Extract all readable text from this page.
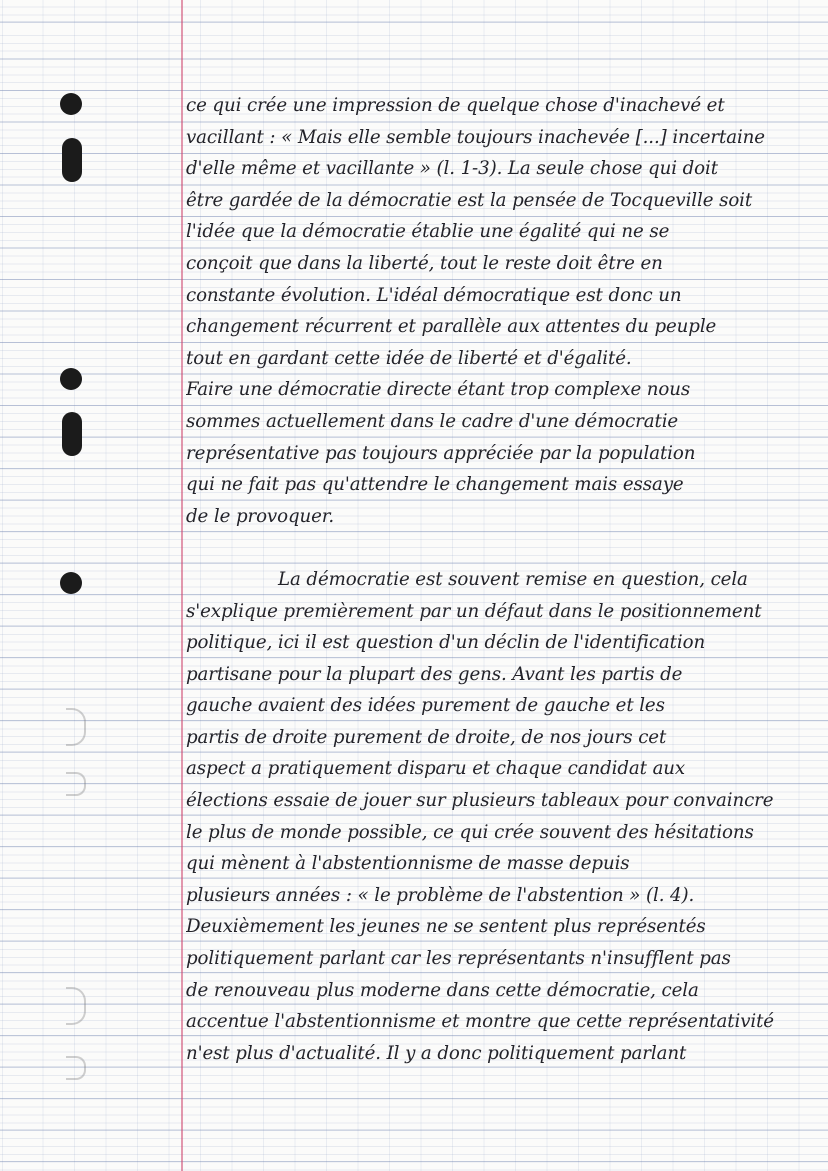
ce qui crée une impression de quelque chose d'inachevé et
vacillant : « Mais elle semble toujours inachevée [...] incertaine
d'elle même et vacillante » (l. 1-3). La seule chose qui doit
être gardée de la démocratie est la pensée de Tocqueville soit
l'idée que la démocratie établie une égalité qui ne se
conçoit que dans la liberté, tout le reste doit être en
constante évolution. L'idéal démocratique est donc un
changement récurrent et parallèle aux attentes du peuple
tout en gardant cette idée de liberté et d'égalité.
Faire une démocratie directe étant trop complexe nous
sommes actuellement dans le cadre d'une démocratie
représentative pas toujours appréciée par la population
qui ne fait pas qu'attendre le changement mais essaye
de le provoquer.
La démocratie est souvent remise en question, cela
s'explique premièrement par un défaut dans le positionnement
politique, ici il est question d'un déclin de l'identification
partisane pour la plupart des gens. Avant les partis de
gauche avaient des idées purement de gauche et les
partis de droite purement de droite, de nos jours cet
aspect a pratiquement disparu et chaque candidat aux
élections essaie de jouer sur plusieurs tableaux pour convaincre
le plus de monde possible, ce qui crée souvent des hésitations
qui mènent à l'abstentionnisme de masse depuis
plusieurs années : « le problème de l'abstention » (l. 4).
Deuxièmement les jeunes ne se sentent plus représentés
politiquement parlant car les représentants n'insufflent pas
de renouveau plus moderne dans cette démocratie, cela
accentue l'abstentionnisme et montre que cette représentativité
n'est plus d'actualité. Il y a donc politiquement parlant
